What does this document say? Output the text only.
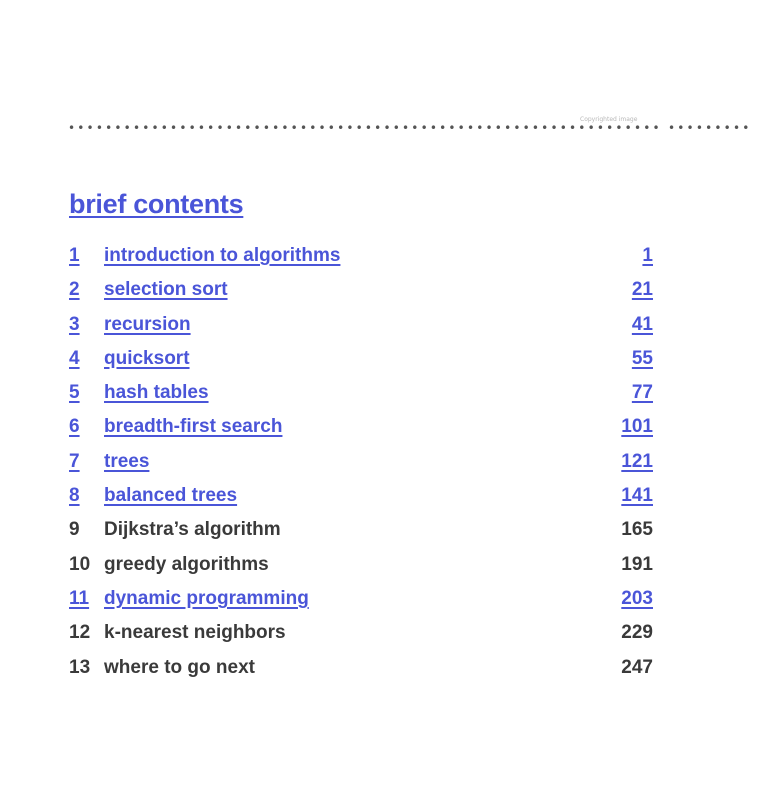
••••••••••••••••••••••••••••••••••••••••••••••••••••••••••••••••
Copyrighted image
•••••••••
brief contents
1 introduction to algorithms	1
2 selection sort	21
3 recursion	41
4 quicksort	55
5 hash tables	77
6 breadth-first search	101
7 trees	121
8 balanced trees	141
9 Dijkstra’s algorithm	165
10 greedy algorithms	191
11 dynamic programming	203
12 k-nearest neighbors	229
13 where to go next	247
